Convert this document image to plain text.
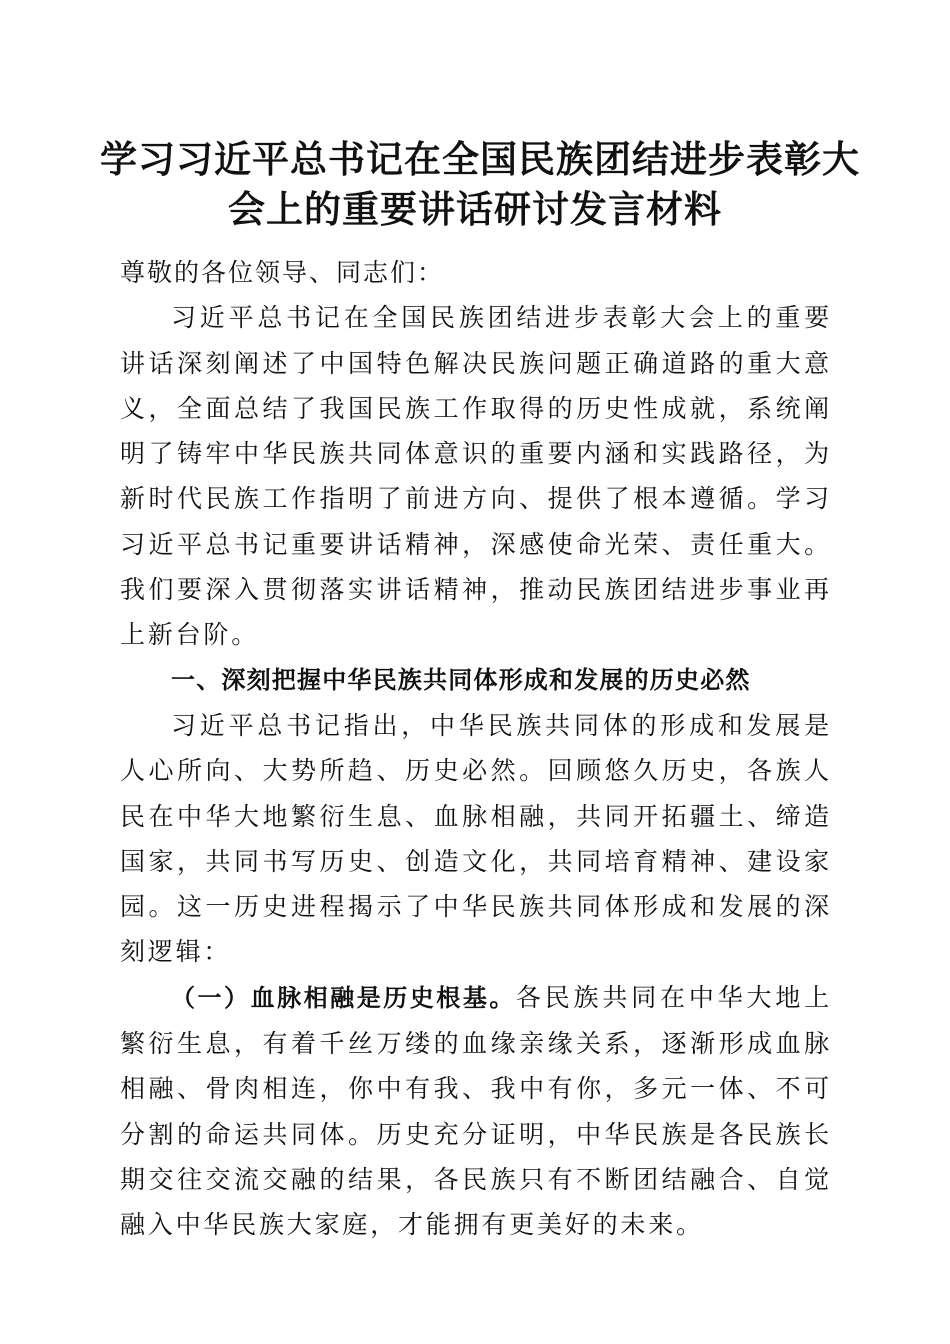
学习习近平总书记在全国民族团结进步表彰大
会上的重要讲话研讨发言材料

尊敬的各位领导、同志们：

习近平总书记在全国民族团结进步表彰大会上的重要讲话深刻阐述了中国特色解决民族问题正确道路的重大意义，全面总结了我国民族工作取得的历史性成就，系统阐明了铸牢中华民族共同体意识的重要内涵和实践路径，为新时代民族工作指明了前进方向、提供了根本遵循。学习习近平总书记重要讲话精神，深感使命光荣、责任重大。我们要深入贯彻落实讲话精神，推动民族团结进步事业再上新台阶。

一、深刻把握中华民族共同体形成和发展的历史必然

习近平总书记指出，中华民族共同体的形成和发展是人心所向、大势所趋、历史必然。回顾悠久历史，各族人民在中华大地繁衍生息、血脉相融，共同开拓疆土、缔造国家，共同书写历史、创造文化，共同培育精神、建设家园。这一历史进程揭示了中华民族共同体形成和发展的深刻逻辑：

（一）血脉相融是历史根基。各民族共同在中华大地上繁衍生息，有着千丝万缕的血缘亲缘关系，逐渐形成血脉相融、骨肉相连，你中有我、我中有你，多元一体、不可分割的命运共同体。历史充分证明，中华民族是各民族长期交往交流交融的结果，各民族只有不断团结融合、自觉融入中华民族大家庭，才能拥有更美好的未来。
